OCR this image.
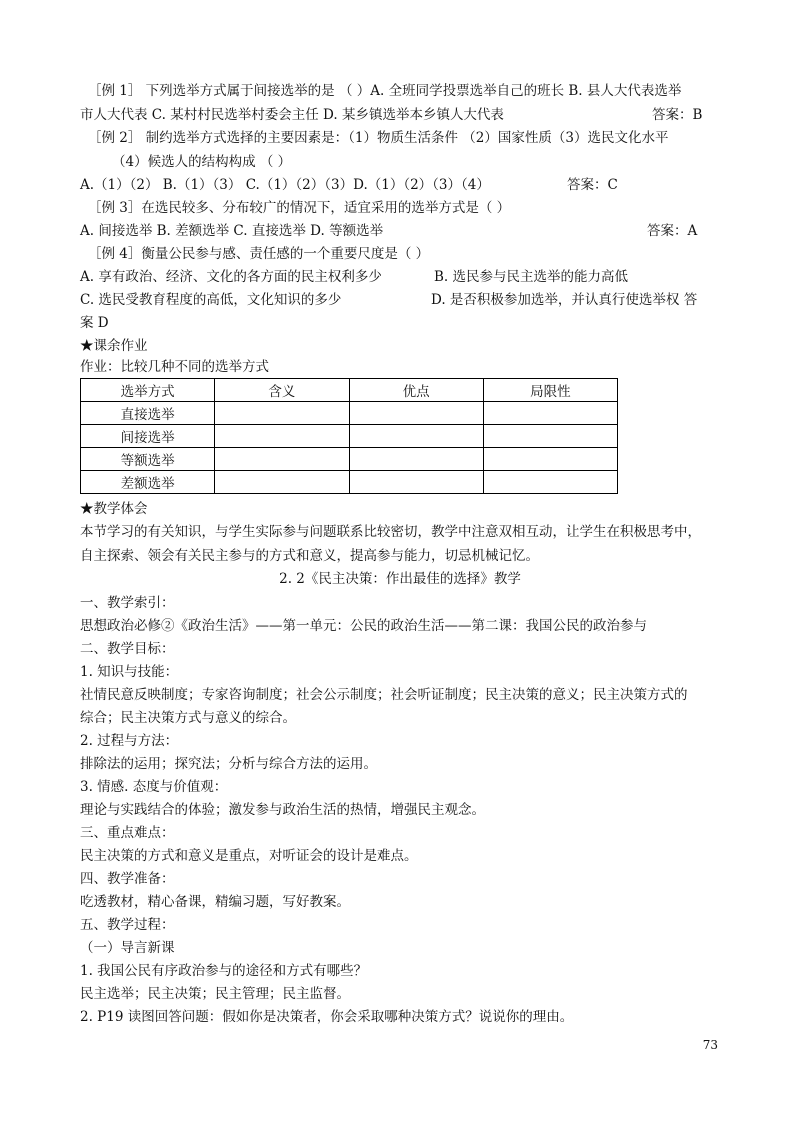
［例 1］ 下列选举方式属于间接选举的是 （ ）A. 全班同学投票选举自己的班长 B. 县人大代表选举
市人大代表 C. 某村村民选举村委会主任 D. 某乡镇选举本乡镇人大代表	答案：B
［例 2］ 制约选举方式选择的主要因素是：（1）物质生活条件 （2）国家性质（3）选民文化水平
（4）候选人的结构构成 （ ）
A.（1）（2） B.（1）（3） C.（1）（2）（3）D.（1）（2）（3）（4）	答案：C
［例 3］在选民较多、分布较广的情况下，适宜采用的选举方式是（ ）
A. 间接选举 B. 差额选举 C. 直接选举 D. 等额选举	答案：A
［例 4］衡量公民参与感、责任感的一个重要尺度是（ ）
A. 享有政治、经济、文化的各方面的民主权利多少	B. 选民参与民主选举的能力高低
C. 选民受教育程度的高低，文化知识的多少	D. 是否积极参加选举，并认真行使选举权 答
案 D
★课余作业
作业：比较几种不同的选举方式
选举方式	含义	优点	局限性
直接选举			
间接选举			
等额选举			
差额选举			
★教学体会
本节学习的有关知识，与学生实际参与问题联系比较密切，教学中注意双相互动，让学生在积极思考中，
自主探索、领会有关民主参与的方式和意义，提高参与能力，切忌机械记忆。
2. 2《民主决策：作出最佳的选择》教学
一、教学索引：
思想政治必修②《政治生活》——第一单元：公民的政治生活——第二课：我国公民的政治参与
二、教学目标：
1. 知识与技能：
社情民意反映制度；专家咨询制度；社会公示制度；社会听证制度；民主决策的意义；民主决策方式的
综合；民主决策方式与意义的综合。
2. 过程与方法：
排除法的运用；探究法；分析与综合方法的运用。
3. 情感. 态度与价值观：
理论与实践结合的体验；激发参与政治生活的热情，增强民主观念。
三、重点难点：
民主决策的方式和意义是重点，对听证会的设计是难点。
四、教学准备：
吃透教材，精心备课，精编习题，写好教案。
五、教学过程：
（一）导言新课
1. 我国公民有序政治参与的途径和方式有哪些？
民主选举；民主决策；民主管理；民主监督。
2. P19 读图回答问题：假如你是决策者，你会采取哪种决策方式？说说你的理由。
73
